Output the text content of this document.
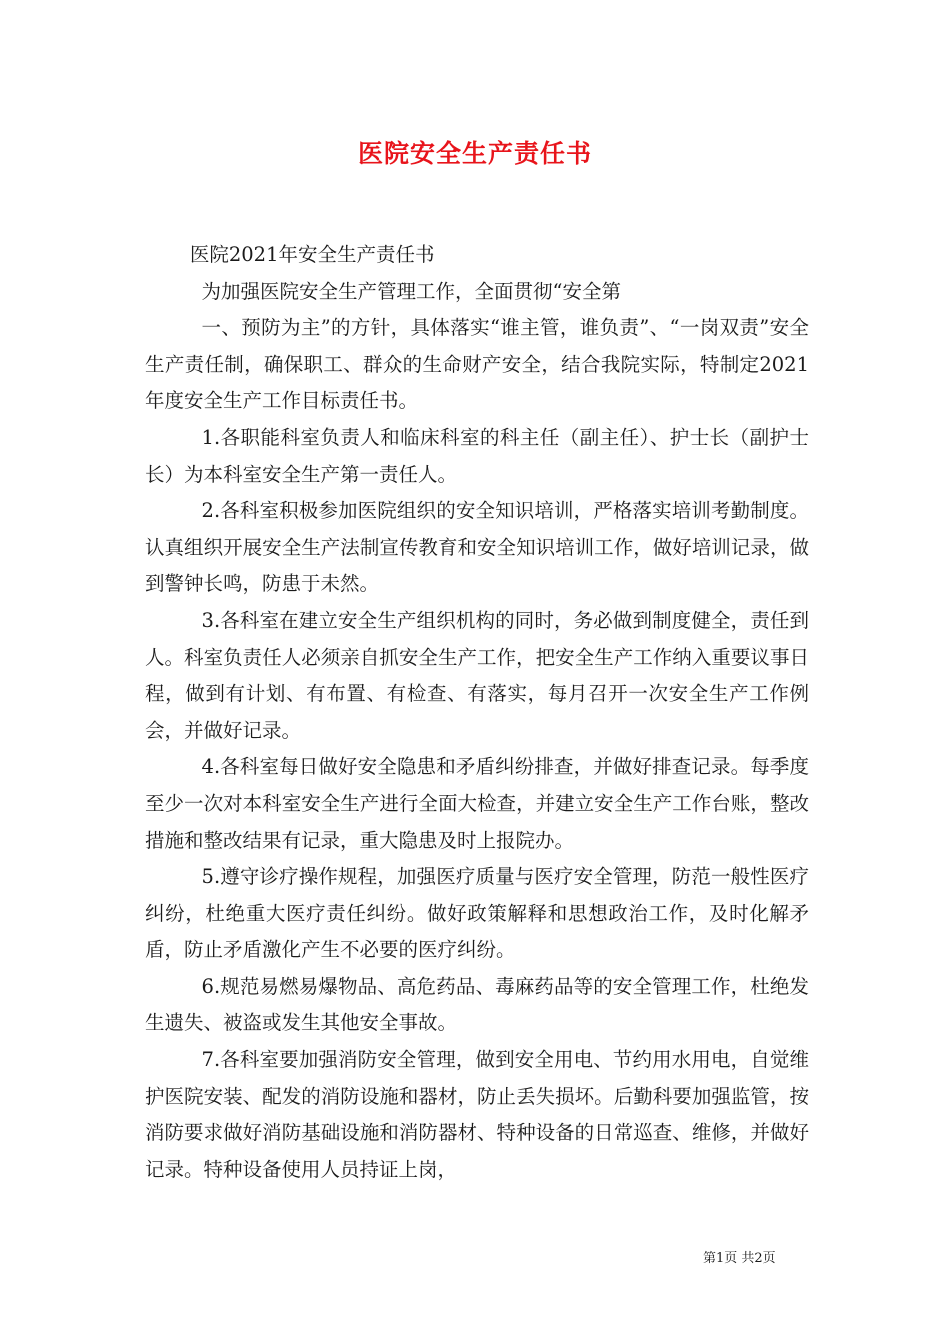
医院安全生产责任书

医院2021年安全生产责任书

为加强医院安全生产管理工作，全面贯彻“安全第

一、预防为主”的方针，具体落实“谁主管，谁负责”、“一岗双责”安全生产责任制，确保职工、群众的生命财产安全，结合我院实际，特制定2021年度安全生产工作目标责任书。

1.各职能科室负责人和临床科室的科主任（副主任）、护士长（副护士长）为本科室安全生产第一责任人。

2.各科室积极参加医院组织的安全知识培训，严格落实培训考勤制度。认真组织开展安全生产法制宣传教育和安全知识培训工作，做好培训记录，做到警钟长鸣，防患于未然。

3.各科室在建立安全生产组织机构的同时，务必做到制度健全，责任到人。科室负责任人必须亲自抓安全生产工作，把安全生产工作纳入重要议事日程，做到有计划、有布置、有检查、有落实，每月召开一次安全生产工作例会，并做好记录。

4.各科室每日做好安全隐患和矛盾纠纷排查，并做好排查记录。每季度至少一次对本科室安全生产进行全面大检查，并建立安全生产工作台账，整改措施和整改结果有记录，重大隐患及时上报院办。

5.遵守诊疗操作规程，加强医疗质量与医疗安全管理，防范一般性医疗纠纷，杜绝重大医疗责任纠纷。做好政策解释和思想政治工作，及时化解矛盾，防止矛盾激化产生不必要的医疗纠纷。

6.规范易燃易爆物品、高危药品、毒麻药品等的安全管理工作，杜绝发生遗失、被盗或发生其他安全事故。

7.各科室要加强消防安全管理，做到安全用电、节约用水用电，自觉维护医院安装、配发的消防设施和器材，防止丢失损坏。后勤科要加强监管，按消防要求做好消防基础设施和消防器材、特种设备的日常巡查、维修，并做好记录。特种设备使用人员持证上岗，

第1页 共2页
